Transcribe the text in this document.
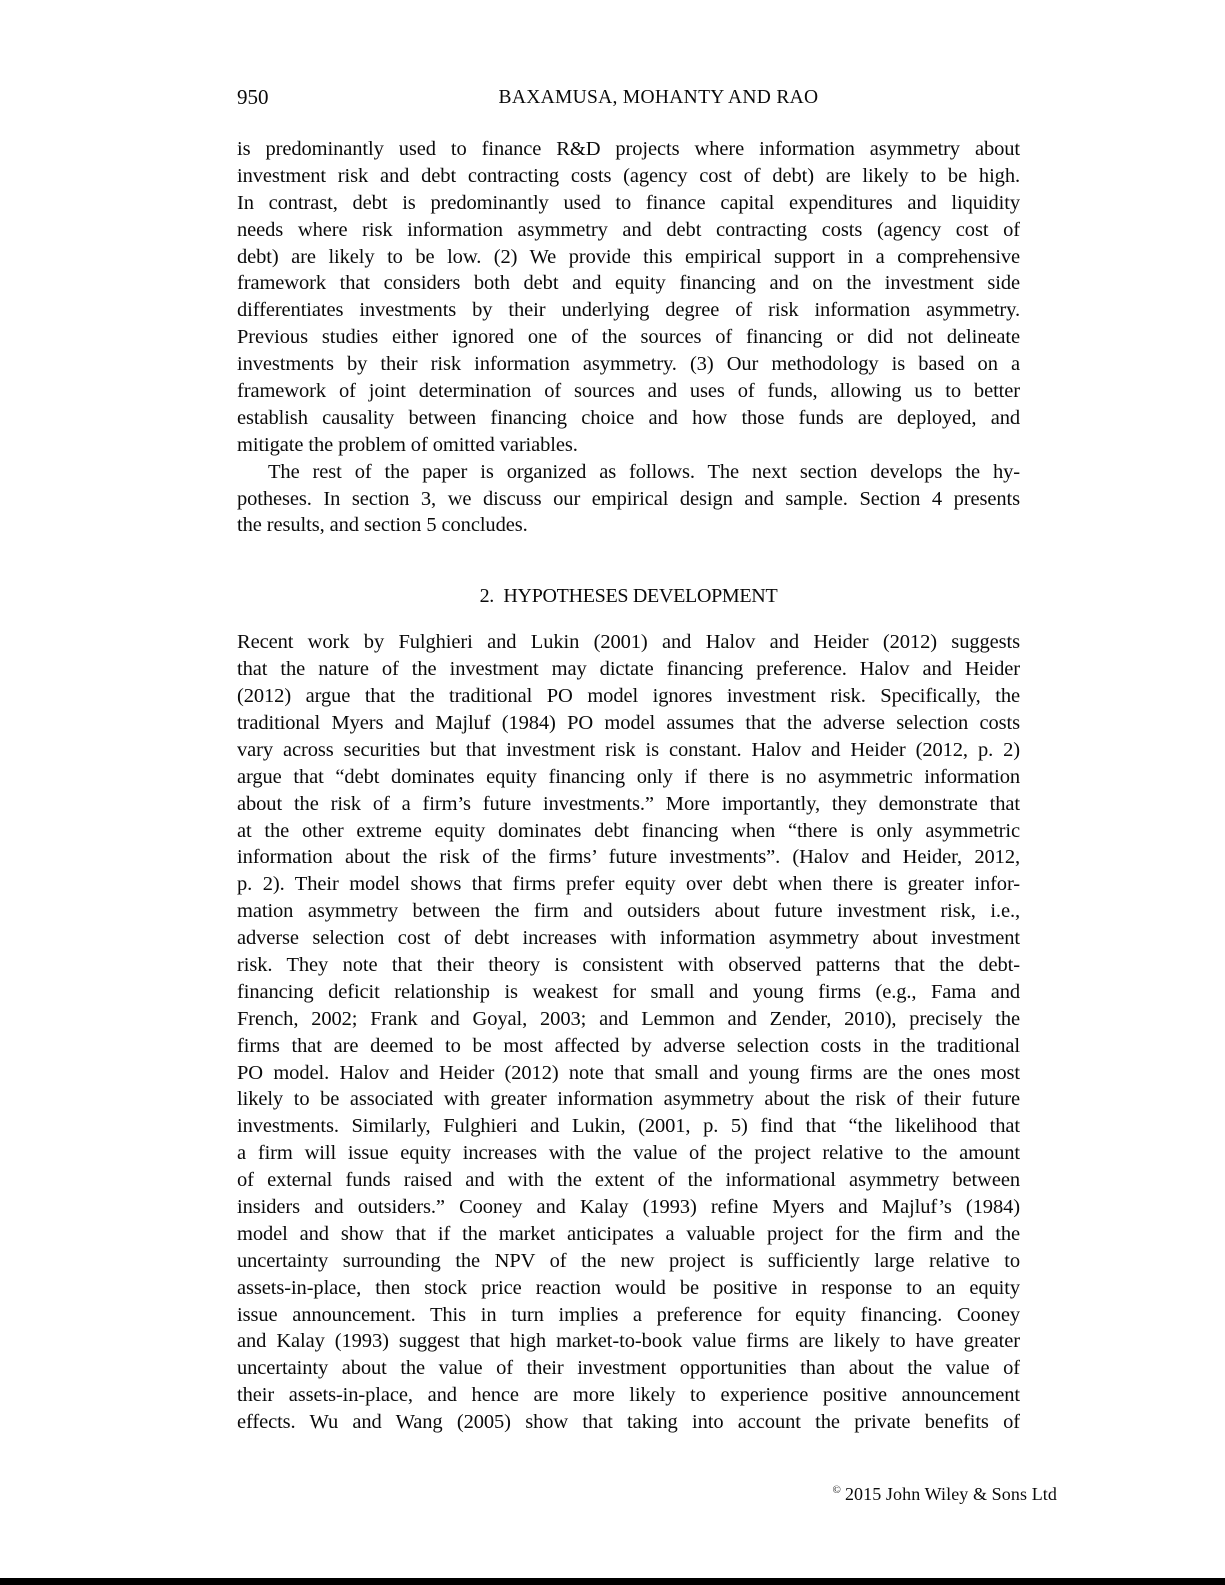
950	BAXAMUSA, MOHANTY AND RAO
is predominantly used to finance R&D projects where information asymmetry about
investment risk and debt contracting costs (agency cost of debt) are likely to be high.
In contrast, debt is predominantly used to finance capital expenditures and liquidity
needs where risk information asymmetry and debt contracting costs (agency cost of
debt) are likely to be low. (2) We provide this empirical support in a comprehensive
framework that considers both debt and equity financing and on the investment side
differentiates investments by their underlying degree of risk information asymmetry.
Previous studies either ignored one of the sources of financing or did not delineate
investments by their risk information asymmetry. (3) Our methodology is based on a
framework of joint determination of sources and uses of funds, allowing us to better
establish causality between financing choice and how those funds are deployed, and
mitigate the problem of omitted variables.
The rest of the paper is organized as follows. The next section develops the hy-
potheses. In section 3, we discuss our empirical design and sample. Section 4 presents
the results, and section 5 concludes.
2.  HYPOTHESES DEVELOPMENT
Recent work by Fulghieri and Lukin (2001) and Halov and Heider (2012) suggests
that the nature of the investment may dictate financing preference. Halov and Heider
(2012) argue that the traditional PO model ignores investment risk. Specifically, the
traditional Myers and Majluf (1984) PO model assumes that the adverse selection costs
vary across securities but that investment risk is constant. Halov and Heider (2012, p. 2)
argue that “debt dominates equity financing only if there is no asymmetric information
about the risk of a firm’s future investments.” More importantly, they demonstrate that
at the other extreme equity dominates debt financing when “there is only asymmetric
information about the risk of the firms’ future investments”. (Halov and Heider, 2012,
p. 2). Their model shows that firms prefer equity over debt when there is greater infor-
mation asymmetry between the firm and outsiders about future investment risk, i.e.,
adverse selection cost of debt increases with information asymmetry about investment
risk. They note that their theory is consistent with observed patterns that the debt-
financing deficit relationship is weakest for small and young firms (e.g., Fama and
French, 2002; Frank and Goyal, 2003; and Lemmon and Zender, 2010), precisely the
firms that are deemed to be most affected by adverse selection costs in the traditional
PO model. Halov and Heider (2012) note that small and young firms are the ones most
likely to be associated with greater information asymmetry about the risk of their future
investments. Similarly, Fulghieri and Lukin, (2001, p. 5) find that “the likelihood that
a firm will issue equity increases with the value of the project relative to the amount
of external funds raised and with the extent of the informational asymmetry between
insiders and outsiders.” Cooney and Kalay (1993) refine Myers and Majluf’s (1984)
model and show that if the market anticipates a valuable project for the firm and the
uncertainty surrounding the NPV of the new project is sufficiently large relative to
assets-in-place, then stock price reaction would be positive in response to an equity
issue announcement. This in turn implies a preference for equity financing. Cooney
and Kalay (1993) suggest that high market-to-book value firms are likely to have greater
uncertainty about the value of their investment opportunities than about the value of
their assets-in-place, and hence are more likely to experience positive announcement
effects. Wu and Wang (2005) show that taking into account the private benefits of
© 2015 John Wiley & Sons Ltd
